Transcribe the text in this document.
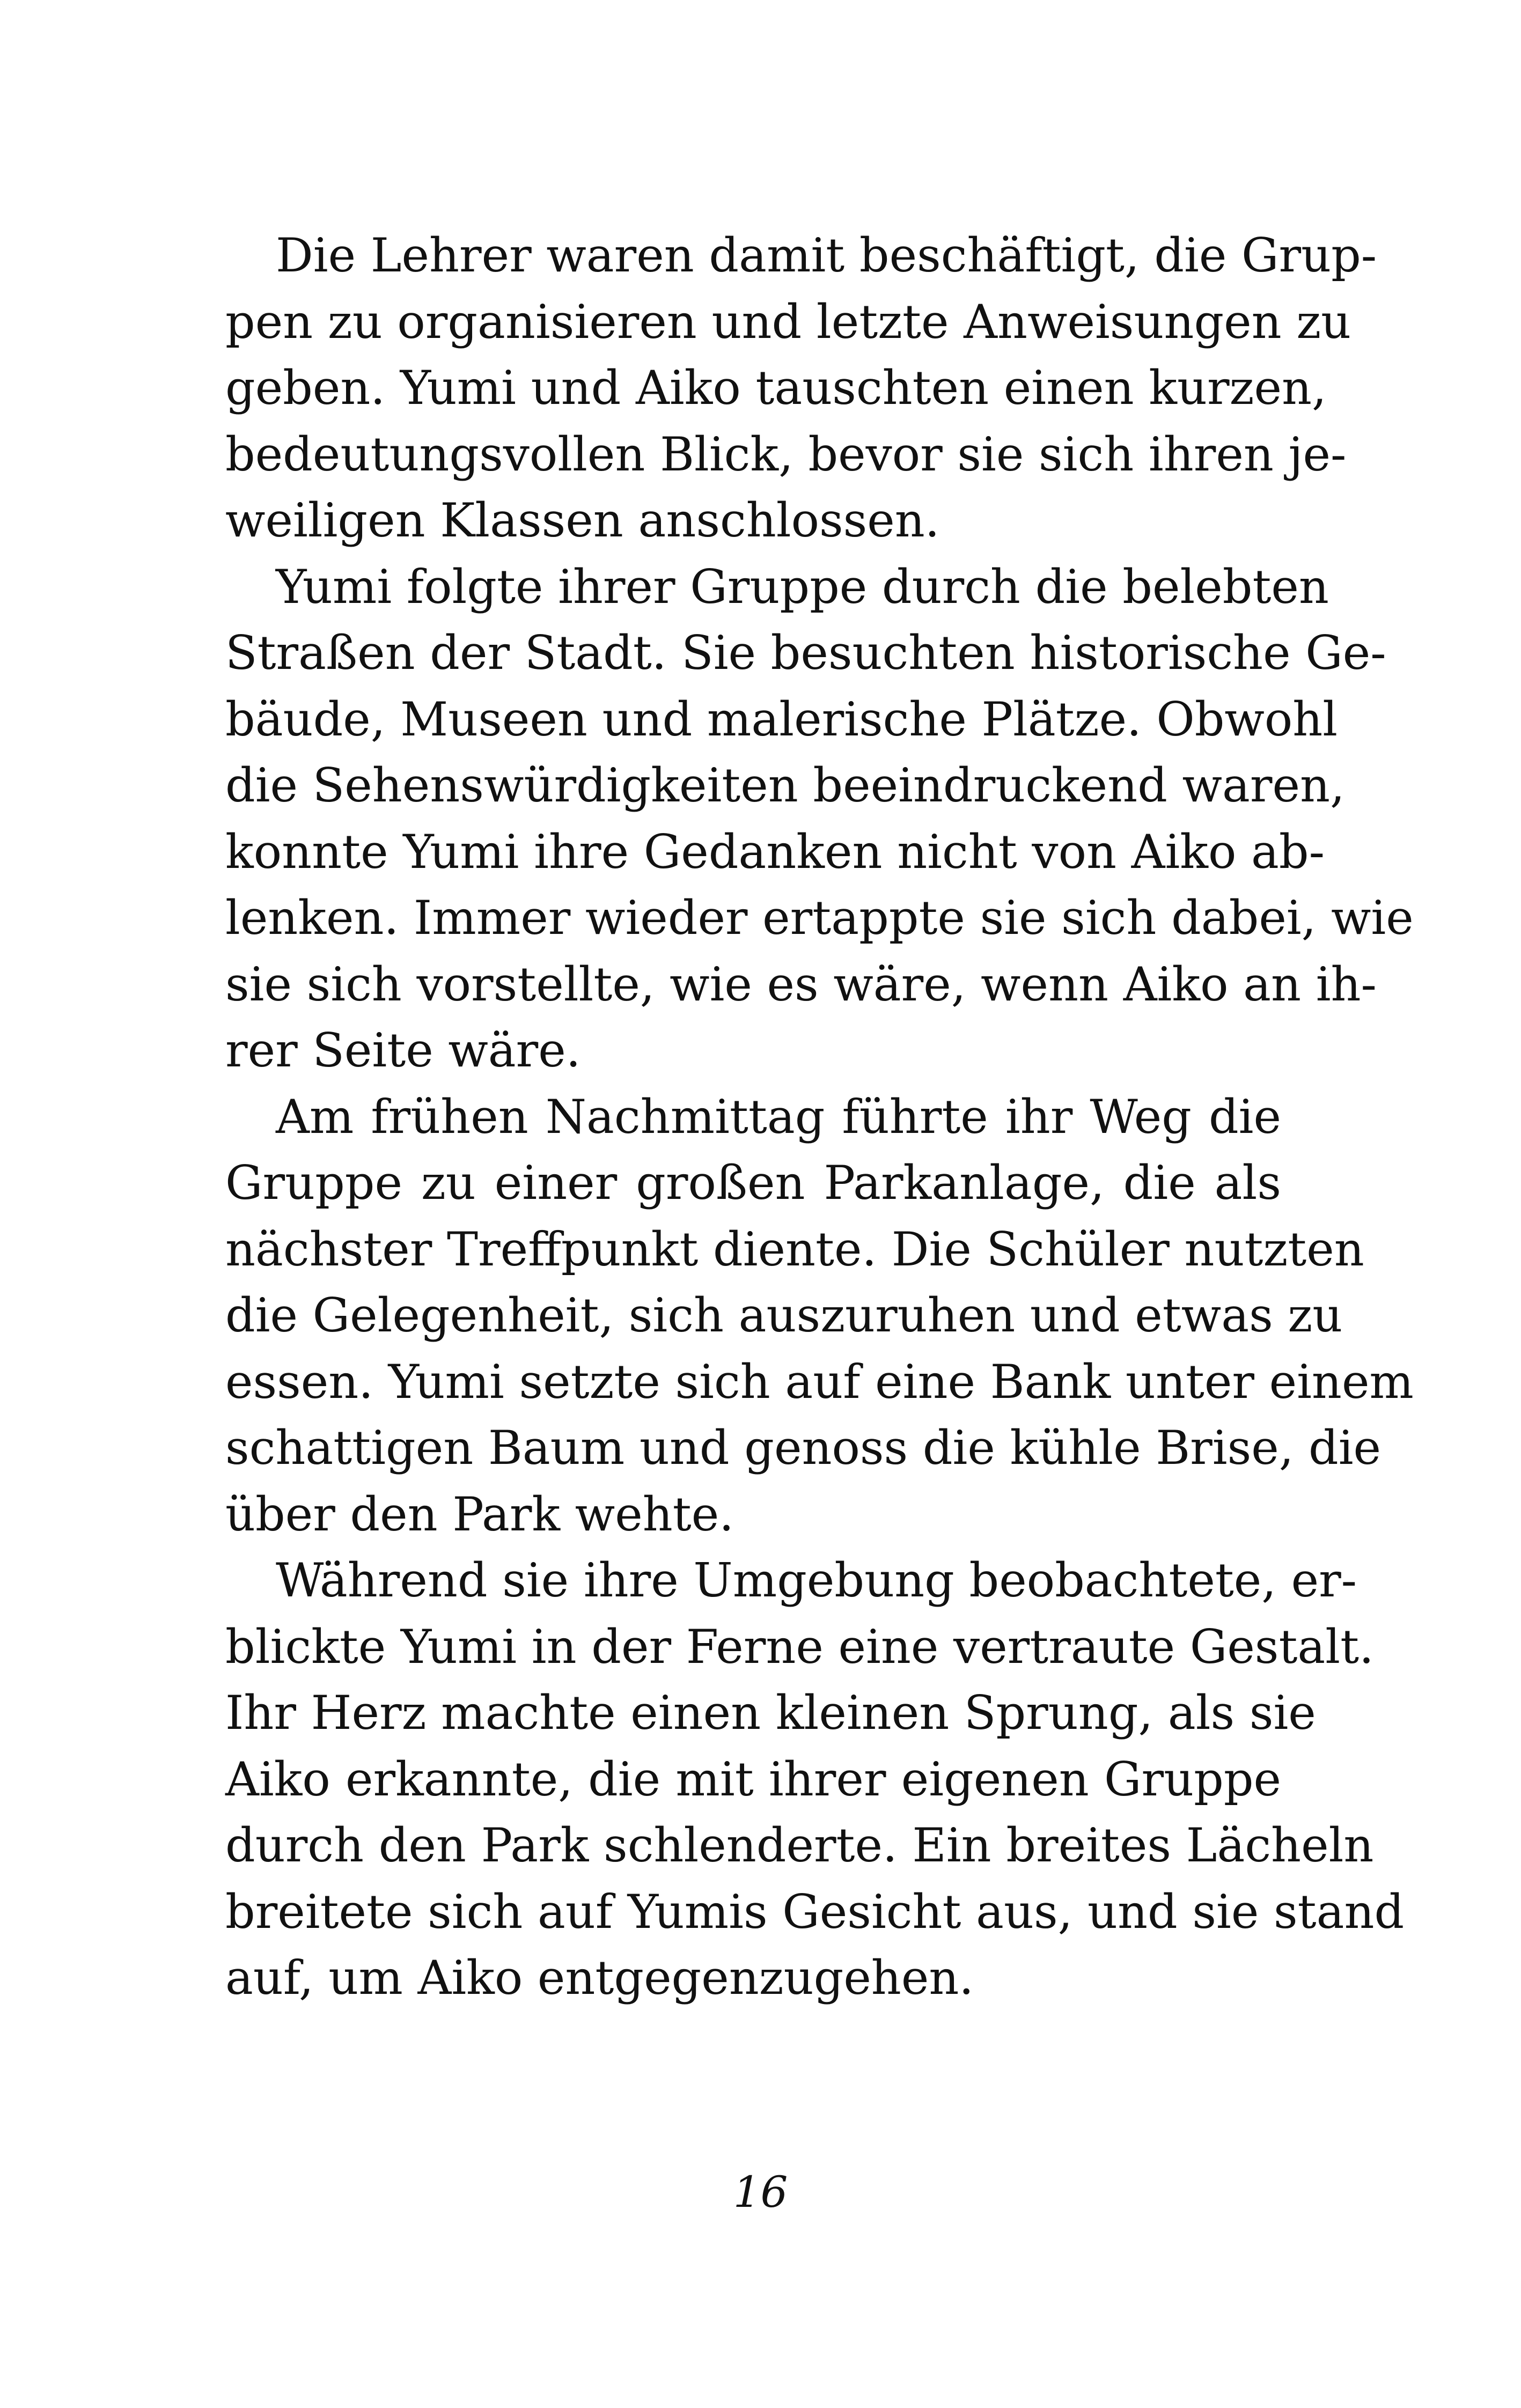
Die Lehrer waren damit beschäftigt, die Grup-
pen zu organisieren und letzte Anweisungen zu
geben. Yumi und Aiko tauschten einen kurzen,
bedeutungsvollen Blick, bevor sie sich ihren je-
weiligen Klassen anschlossen.
Yumi folgte ihrer Gruppe durch die belebten
Straßen der Stadt. Sie besuchten historische Ge-
bäude, Museen und malerische Plätze. Obwohl
die Sehenswürdigkeiten beeindruckend waren,
konnte Yumi ihre Gedanken nicht von Aiko ab-
lenken. Immer wieder ertappte sie sich dabei, wie
sie sich vorstellte, wie es wäre, wenn Aiko an ih-
rer Seite wäre.
Am frühen Nachmittag führte ihr Weg die
Gruppe zu einer großen Parkanlage, die als
nächster Treffpunkt diente. Die Schüler nutzten
die Gelegenheit, sich auszuruhen und etwas zu
essen. Yumi setzte sich auf eine Bank unter einem
schattigen Baum und genoss die kühle Brise, die
über den Park wehte.
Während sie ihre Umgebung beobachtete, er-
blickte Yumi in der Ferne eine vertraute Gestalt.
Ihr Herz machte einen kleinen Sprung, als sie
Aiko erkannte, die mit ihrer eigenen Gruppe
durch den Park schlenderte. Ein breites Lächeln
breitete sich auf Yumis Gesicht aus, und sie stand
auf, um Aiko entgegenzugehen.
16
